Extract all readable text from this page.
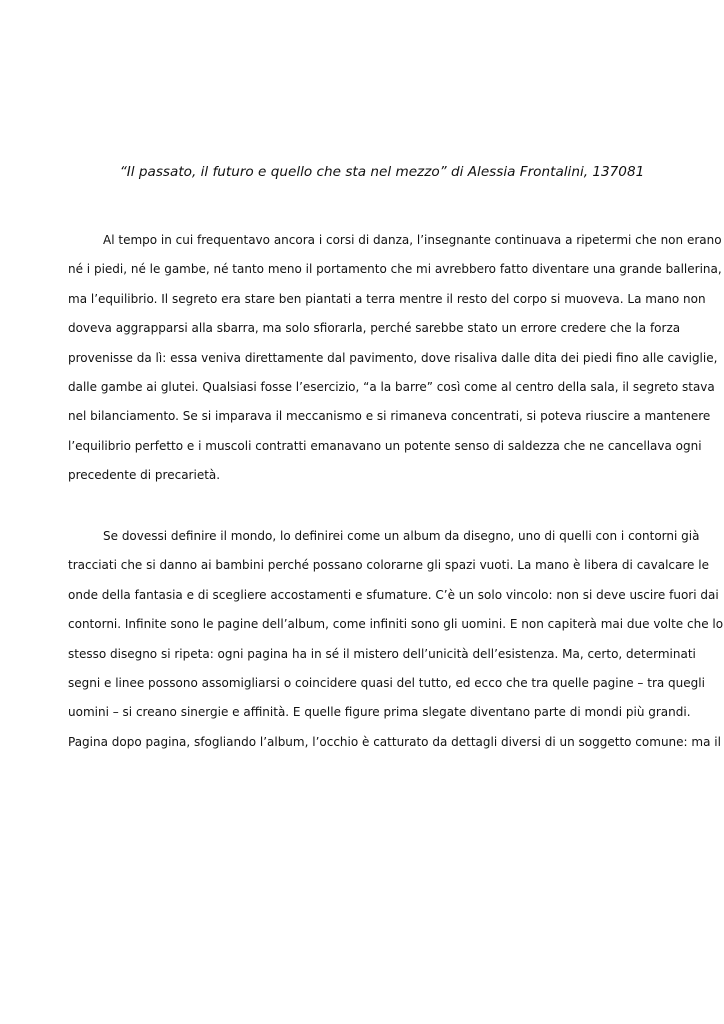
“Il passato, il futuro e quello che sta nel mezzo” di Alessia Frontalini, 137081
Al tempo in cui frequentavo ancora i corsi di danza, l’insegnante continuava a ripetermi che non erano
né i piedi, né le gambe, né tanto meno il portamento che mi avrebbero fatto diventare una grande ballerina,
ma l’equilibrio. Il segreto era stare ben piantati a terra mentre il resto del corpo si muoveva. La mano non
doveva aggrapparsi alla sbarra, ma solo sfiorarla, perché sarebbe stato un errore credere che la forza
provenisse da lì: essa veniva direttamente dal pavimento, dove risaliva dalle dita dei piedi fino alle caviglie,
dalle gambe ai glutei. Qualsiasi fosse l’esercizio, “a la barre” così come al centro della sala, il segreto stava
nel bilanciamento. Se si imparava il meccanismo e si rimaneva concentrati, si poteva riuscire a mantenere
l’equilibrio perfetto e i muscoli contratti emanavano un potente senso di saldezza che ne cancellava ogni
precedente di precarietà.
Se dovessi definire il mondo, lo definirei come un album da disegno, uno di quelli con i contorni già
tracciati che si danno ai bambini perché possano colorarne gli spazi vuoti. La mano è libera di cavalcare le
onde della fantasia e di scegliere accostamenti e sfumature. C’è un solo vincolo: non si deve uscire fuori dai
contorni. Infinite sono le pagine dell’album, come infiniti sono gli uomini. E non capiterà mai due volte che lo
stesso disegno si ripeta: ogni pagina ha in sé il mistero dell’unicità dell’esistenza. Ma, certo, determinati
segni e linee possono assomigliarsi o coincidere quasi del tutto, ed ecco che tra quelle pagine – tra quegli
uomini – si creano sinergie e affinità. E quelle figure prima slegate diventano parte di mondi più grandi.
Pagina dopo pagina, sfogliando l’album, l’occhio è catturato da dettagli diversi di un soggetto comune: ma il
